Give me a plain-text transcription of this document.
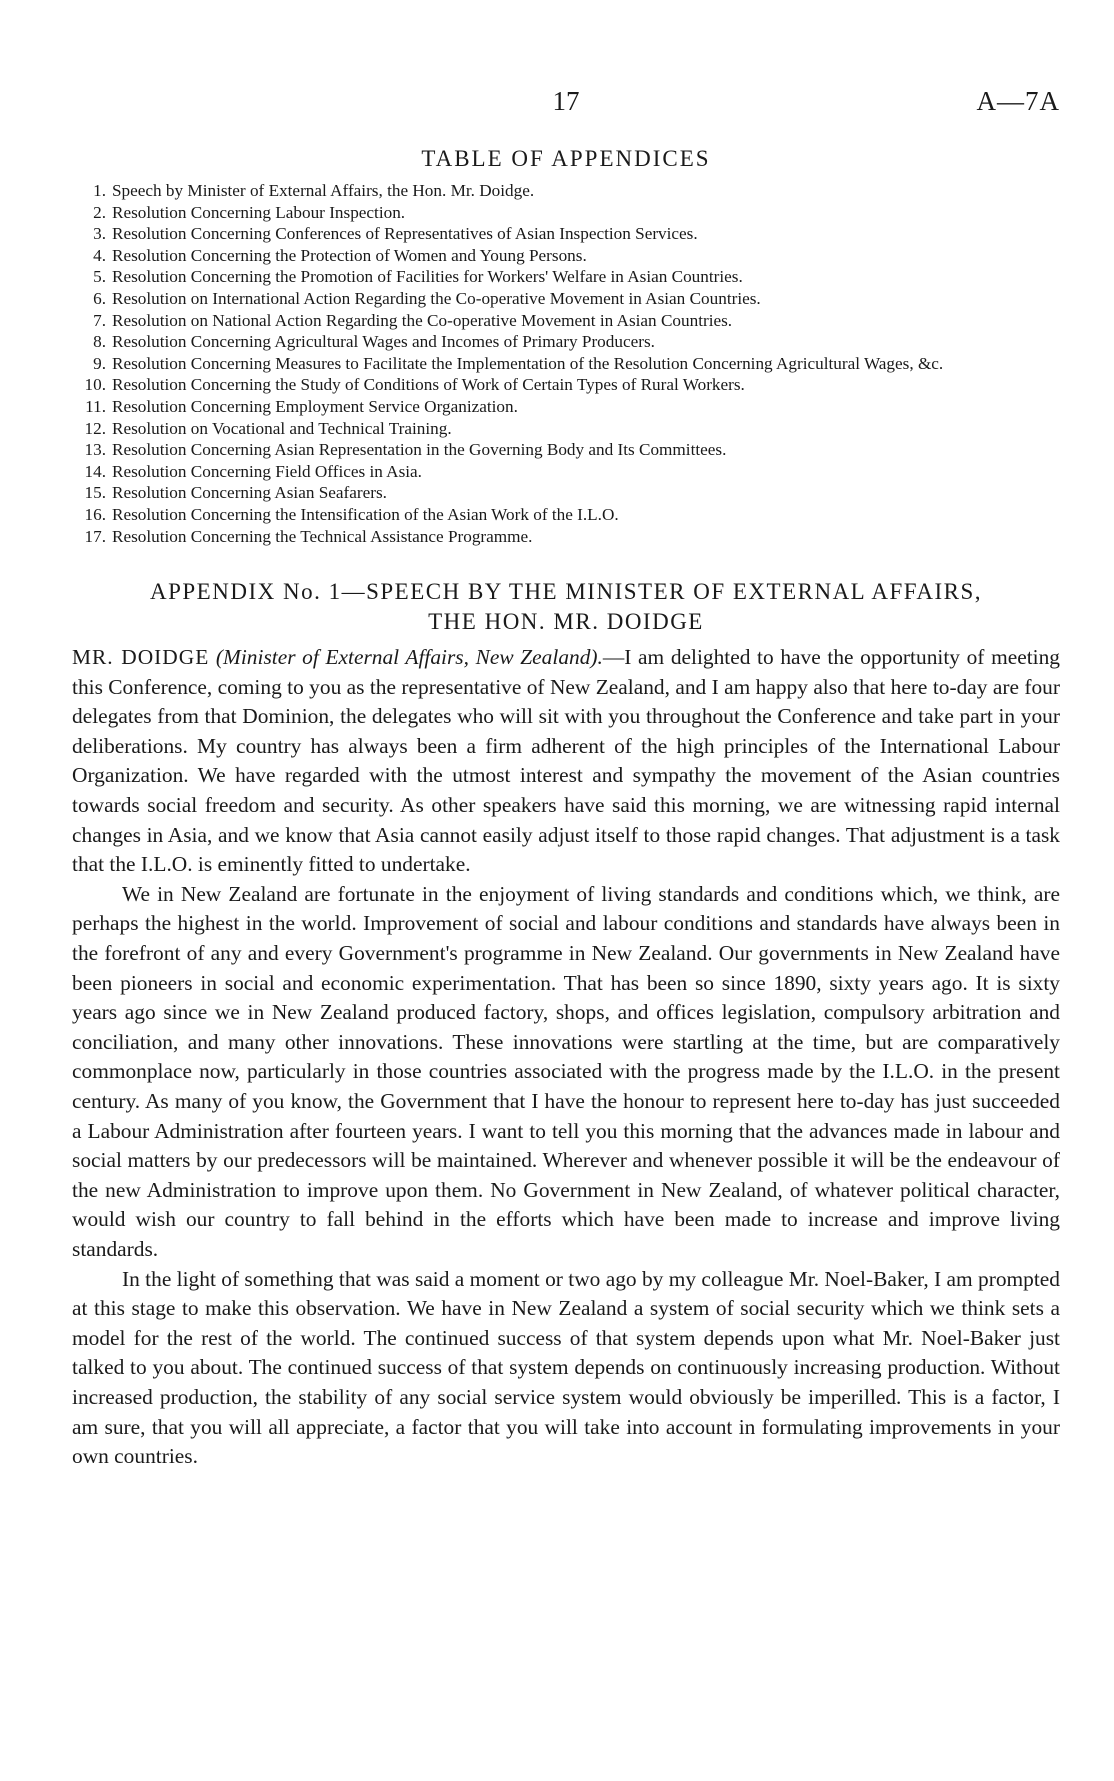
17	A—7A
TABLE OF APPENDICES
1. Speech by Minister of External Affairs, the Hon. Mr. Doidge.
2. Resolution Concerning Labour Inspection.
3. Resolution Concerning Conferences of Representatives of Asian Inspection Services.
4. Resolution Concerning the Protection of Women and Young Persons.
5. Resolution Concerning the Promotion of Facilities for Workers' Welfare in Asian Countries.
6. Resolution on International Action Regarding the Co-operative Movement in Asian Countries.
7. Resolution on National Action Regarding the Co-operative Movement in Asian Countries.
8. Resolution Concerning Agricultural Wages and Incomes of Primary Producers.
9. Resolution Concerning Measures to Facilitate the Implementation of the Resolution Concerning Agricultural Wages, &c.
10. Resolution Concerning the Study of Conditions of Work of Certain Types of Rural Workers.
11. Resolution Concerning Employment Service Organization.
12. Resolution on Vocational and Technical Training.
13. Resolution Concerning Asian Representation in the Governing Body and Its Committees.
14. Resolution Concerning Field Offices in Asia.
15. Resolution Concerning Asian Seafarers.
16. Resolution Concerning the Intensification of the Asian Work of the I.L.O.
17. Resolution Concerning the Technical Assistance Programme.
APPENDIX No. 1—SPEECH BY THE MINISTER OF EXTERNAL AFFAIRS,
THE HON. MR. DOIDGE

MR. DOIDGE (Minister of External Affairs, New Zealand).—I am delighted to have the opportunity of meeting this Conference, coming to you as the representative of New Zealand, and I am happy also that here to-day are four delegates from that Dominion, the delegates who will sit with you throughout the Conference and take part in your deliberations. My country has always been a firm adherent of the high principles of the International Labour Organization. We have regarded with the utmost interest and sympathy the movement of the Asian countries towards social freedom and security. As other speakers have said this morning, we are witnessing rapid internal changes in Asia, and we know that Asia cannot easily adjust itself to those rapid changes. That adjustment is a task that the I.L.O. is eminently fitted to undertake.

We in New Zealand are fortunate in the enjoyment of living standards and conditions which, we think, are perhaps the highest in the world. Improvement of social and labour conditions and standards have always been in the forefront of any and every Government's programme in New Zealand. Our governments in New Zealand have been pioneers in social and economic experimentation. That has been so since 1890, sixty years ago. It is sixty years ago since we in New Zealand produced factory, shops, and offices legislation, compulsory arbitration and conciliation, and many other innovations. These innovations were startling at the time, but are comparatively commonplace now, particularly in those countries associated with the progress made by the I.L.O. in the present century. As many of you know, the Government that I have the honour to represent here to-day has just succeeded a Labour Administration after fourteen years. I want to tell you this morning that the advances made in labour and social matters by our predecessors will be maintained. Wherever and whenever possible it will be the endeavour of the new Administration to improve upon them. No Government in New Zealand, of whatever political character, would wish our country to fall behind in the efforts which have been made to increase and improve living standards.

In the light of something that was said a moment or two ago by my colleague Mr. Noel-Baker, I am prompted at this stage to make this observation. We have in New Zealand a system of social security which we think sets a model for the rest of the world. The continued success of that system depends upon what Mr. Noel-Baker just talked to you about. The continued success of that system depends on continuously increasing production. Without increased production, the stability of any social service system would obviously be imperilled. This is a factor, I am sure, that you will all appreciate, a factor that you will take into account in formulating improvements in your own countries.
